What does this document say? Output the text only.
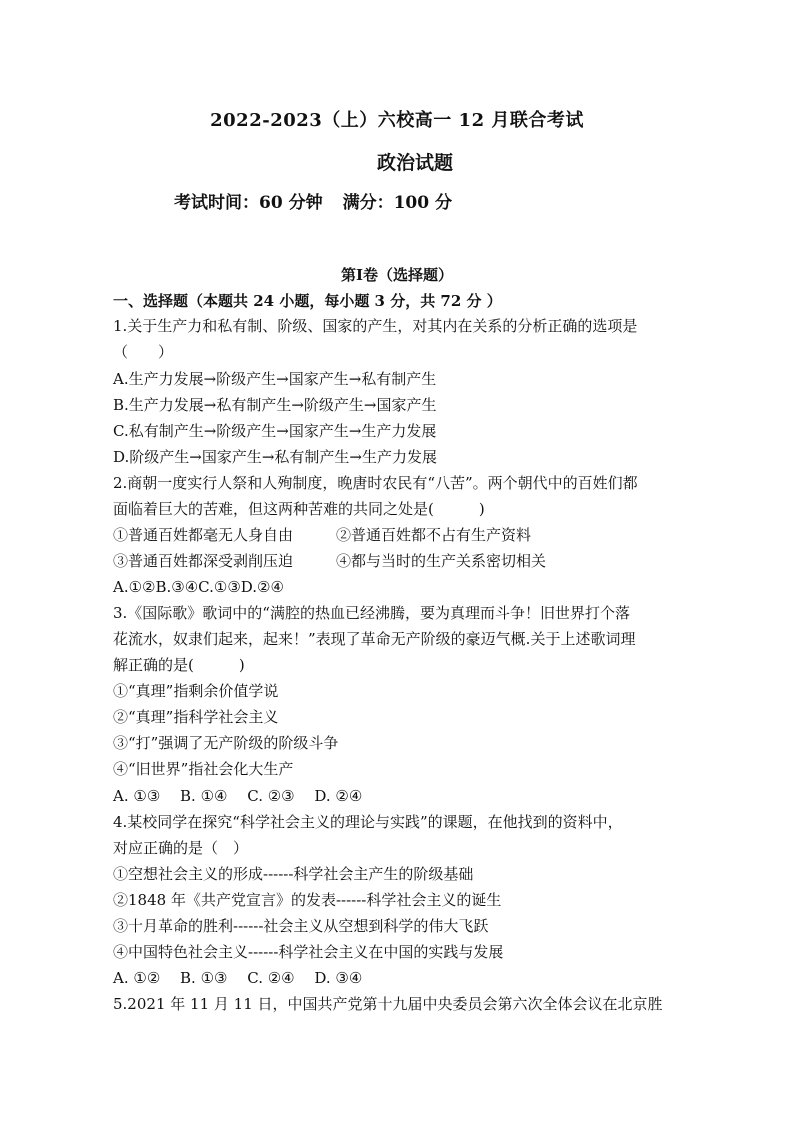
2022-2023（上）六校高一 12 月联合考试
政治试题
考试时间：60 分钟 满分：100 分
第Ⅰ卷（选择题）
一、选择题（本题共 24 小题，每小题 3 分，共 72 分 ）
1.关于生产力和私有制、阶级、国家的产生，对其内在关系的分析正确的选项是
（　　）
A.生产力发展→阶级产生→国家产生→私有制产生
B.生产力发展→私有制产生→阶级产生→国家产生
C.私有制产生→阶级产生→国家产生→生产力发展
D.阶级产生→国家产生→私有制产生→生产力发展
2.商朝一度实行人祭和人殉制度，晚唐时农民有“八苦”。两个朝代中的百姓们都
面临着巨大的苦难，但这两种苦难的共同之处是(　　　)
①普通百姓都毫无人身自由	②普通百姓都不占有生产资料
③普通百姓都深受剥削压迫	④都与当时的生产关系密切相关
A.①②B.③④C.①③D.②④
3.《国际歌》歌词中的“满腔的热血已经沸腾，要为真理而斗争！旧世界打个落
花流水，奴隶们起来，起来！”表现了革命无产阶级的豪迈气概.关于上述歌词理
解正确的是(　　　)
①“真理”指剩余价值学说
②“真理”指科学社会主义
③“打”强调了无产阶级的阶级斗争
④“旧世界”指社会化大生产
A. ①③　 B. ①④　 C. ②③　 D. ②④
4.某校同学在探究“科学社会主义的理论与实践”的课题，在他找到的资料中，
对应正确的是（　）
①空想社会主义的形成------科学社会主产生的阶级基础
②1848 年《共产党宣言》的发表------科学社会主义的诞生
③十月革命的胜利------社会主义从空想到科学的伟大飞跃
④中国特色社会主义------科学社会主义在中国的实践与发展
A. ①②　 B. ①③　 C. ②④　 D. ③④
5.2021 年 11 月 11 日，中国共产党第十九届中央委员会第六次全体会议在北京胜
